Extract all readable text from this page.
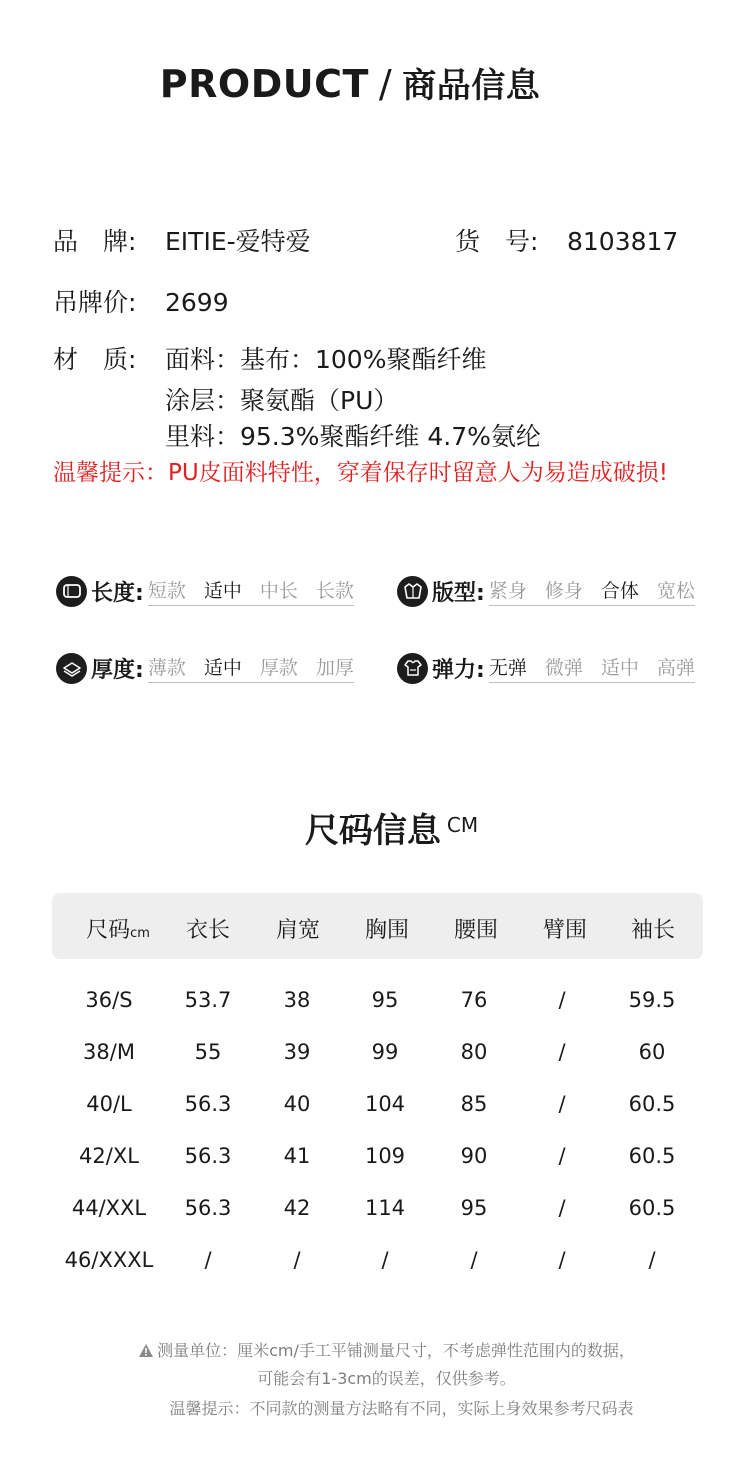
PRODUCT / 商品信息
品　牌: EITIE-爱特爱	货　号: 8103817
吊牌价: 2699
材　质: 面料：基布：100%聚酯纤维
涂层：聚氨酯（PU）
里料：95.3%聚酯纤维 4.7%氨纶
温馨提示：PU皮面料特性，穿着保存时留意人为易造成破损!
长度: 短款 适中 中长 长款	版型: 紧身 修身 合体 宽松
厚度: 薄款 适中 厚款 加厚	弹力: 无弹 微弹 适中 高弹
尺码信息 $^{CM}$
尺码cm	衣长	肩宽	胸围	腰围	臂围	袖长
36/S	53.7	38	95	76	/	59.5
38/M	55	39	99	80	/	60
40/L	56.3	40	104	85	/	60.5
42/XL	56.3	41	109	90	/	60.5
44/XXL	56.3	42	114	95	/	60.5
46/XXXL	/	/	/	/	/	/
测量单位：厘米cm/手工平铺测量尺寸，不考虑弹性范围内的数据，
可能会有1-3cm的误差，仅供参考。
温馨提示：不同款的测量方法略有不同，实际上身效果参考尺码表
